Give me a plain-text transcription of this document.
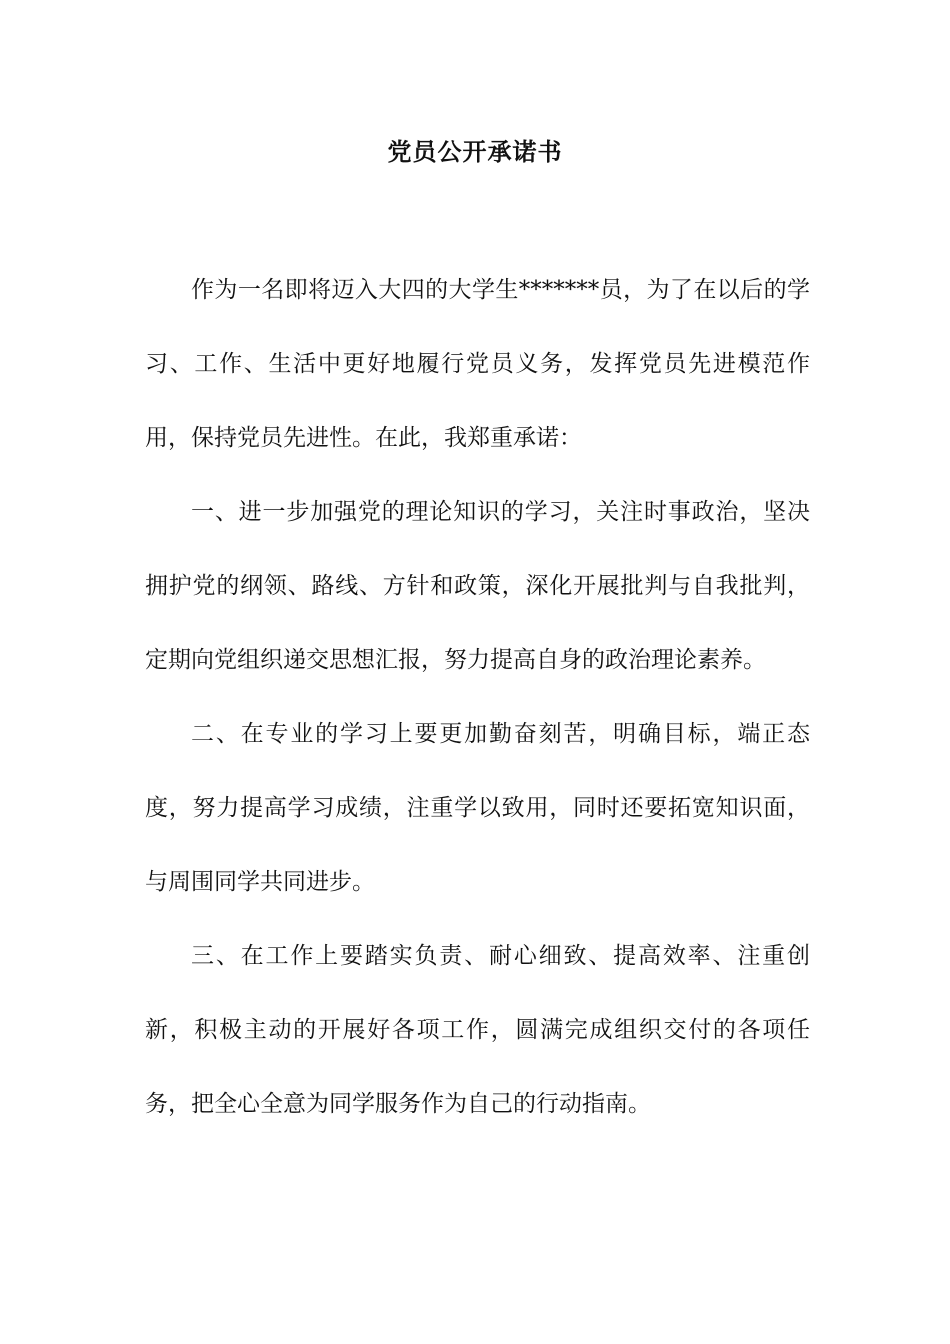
党员公开承诺书

作为一名即将迈入大四的大学生*******员，为了在以后的学习、工作、生活中更好地履行党员义务，发挥党员先进模范作用，保持党员先进性。在此，我郑重承诺：

一、进一步加强党的理论知识的学习，关注时事政治，坚决拥护党的纲领、路线、方针和政策，深化开展批判与自我批判，定期向党组织递交思想汇报，努力提高自身的政治理论素养。

二、在专业的学习上要更加勤奋刻苦，明确目标，端正态度，努力提高学习成绩，注重学以致用，同时还要拓宽知识面，与周围同学共同进步。

三、在工作上要踏实负责、耐心细致、提高效率、注重创新，积极主动的开展好各项工作，圆满完成组织交付的各项任务，把全心全意为同学服务作为自己的行动指南。
